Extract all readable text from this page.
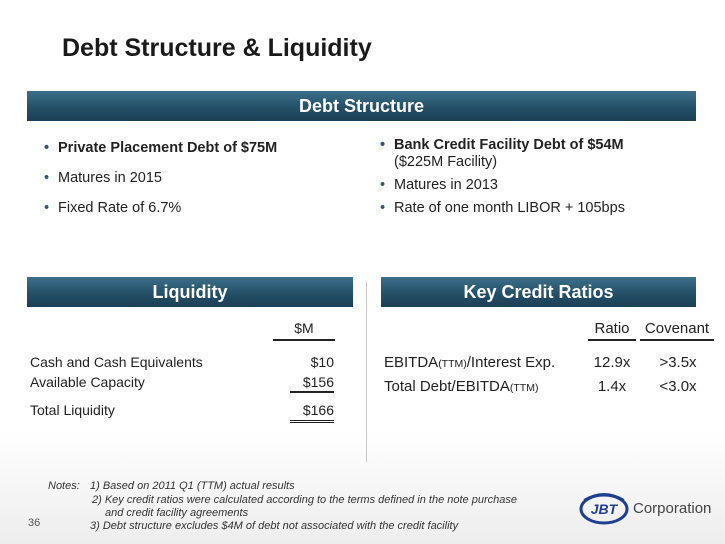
Debt Structure & Liquidity
Debt Structure
• Private Placement Debt of $75M
• Matures in 2015
• Fixed Rate of 6.7%
• Bank Credit Facility Debt of $54M
($225M Facility)
• Matures in 2013
• Rate of one month LIBOR + 105bps
Liquidity	Key Credit Ratios
$M
Cash and Cash Equivalents	$10
Available Capacity	$156
Total Liquidity	$166
Ratio	Covenant
EBITDA(TTM)/Interest Exp.	12.9x	>3.5x
Total Debt/EBITDA(TTM)	1.4x	<3.0x
Notes: 1) Based on 2011 Q1 (TTM) actual results
2) Key credit ratios were calculated according to the terms defined in the note purchase
and credit facility agreements
3) Debt structure excludes $4M of debt not associated with the credit facility
36
JBT Corporation
